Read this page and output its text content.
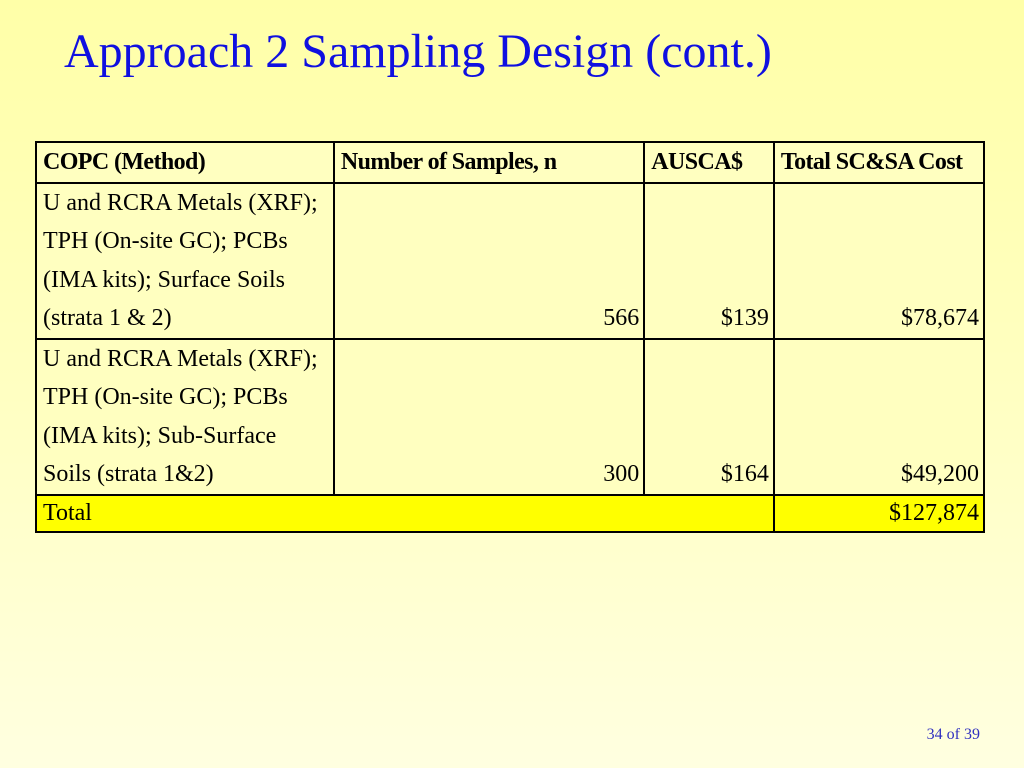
Approach 2 Sampling Design (cont.)
COPC (Method)	Number of Samples, n	AUSCA$	Total SC&SA Cost
U and RCRA Metals (XRF); TPH (On-site GC); PCBs (IMA kits); Surface Soils (strata 1 & 2)	566	$139	$78,674
U and RCRA Metals (XRF); TPH (On-site GC); PCBs (IMA kits); Sub-Surface Soils (strata 1&2)	300	$164	$49,200
Total			$127,874
34 of 39
